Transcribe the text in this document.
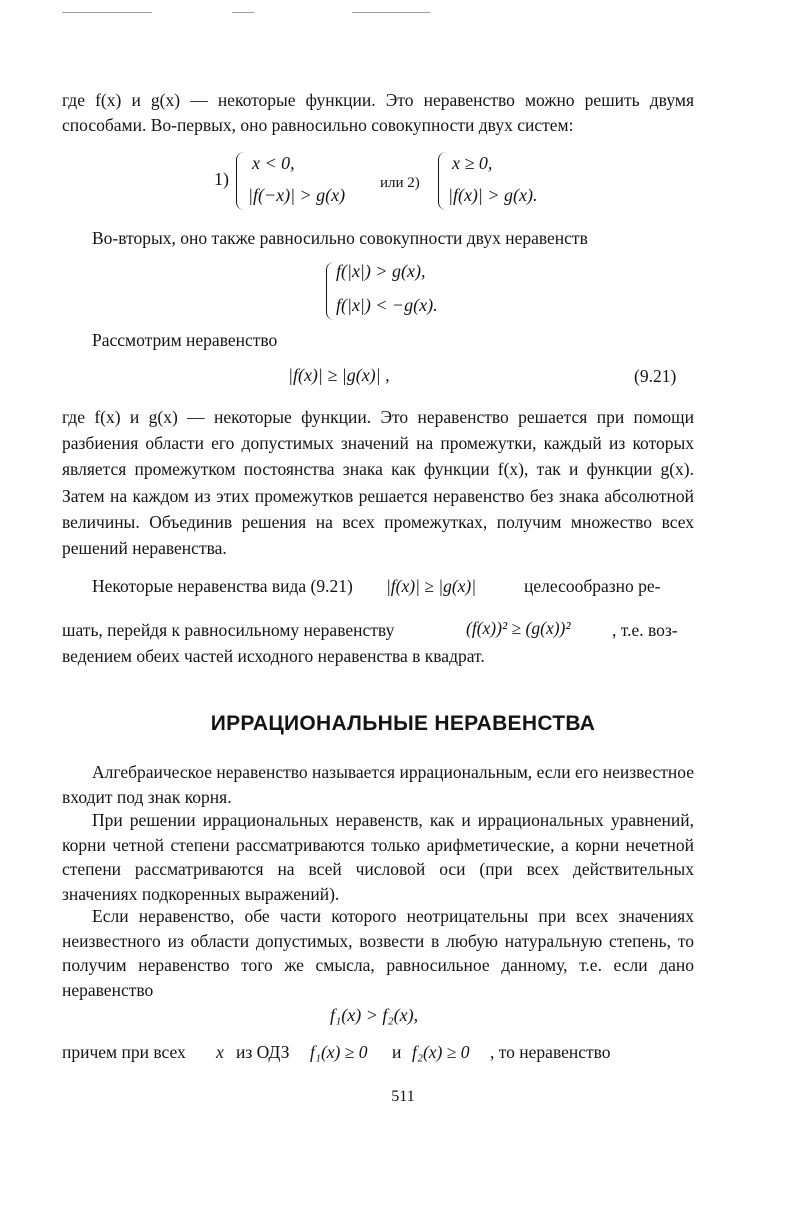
где f(x) и g(x) — некоторые функции. Это неравенство можно решить двумя способами. Во-первых, оно равносильно совокупности двух систем:

1)
x < 0,
|f(−x)| > g(x)
или 2)
x ≥ 0,
|f(x)| > g(x).

Во-вторых, оно также равносильно совокупности двух неравенств

f(|x|) > g(x),
f(|x|) < −g(x).

Рассмотрим неравенство

|f(x)| ≥ |g(x)| ,	(9.21)

где f(x) и g(x) — некоторые функции. Это неравенство решается при помощи разбиения области его допустимых значений на промежутки, каждый из которых является промежутком постоянства знака как функции f(x), так и функции g(x). Затем на каждом из этих промежутков решается неравенство без знака абсолютной величины. Объединив решения на всех промежутках, получим множество всех решений неравенства.

Некоторые неравенства вида (9.21) |f(x)| ≥ |g(x)|	целесообразно ре-
шать, перейдя к равносильному неравенству	(f(x))² ≥ (g(x))² , т.е. воз-
ведением обеих частей исходного неравенства в квадрат.
ИРРАЦИОНАЛЬНЫЕ НЕРАВЕНСТВА

Алгебраическое неравенство называется иррациональным, если его неизвестное входит под знак корня.

При решении иррациональных неравенств, как и иррациональных уравнений, корни четной степени рассматриваются только арифметические, а корни нечетной степени рассматриваются на всей числовой оси (при всех действительных значениях подкоренных выражений).

Если неравенство, обе части которого неотрицательны при всех значениях неизвестного из области допустимых, возвести в любую натуральную степень, то получим неравенство того же смысла, равносильное данному, т.е. если дано неравенство

f₁(x) > f₂(x),
причем при всех x из ОДЗ f₁(x) ≥ 0 и f₂(x) ≥ 0 , то неравенство
511
